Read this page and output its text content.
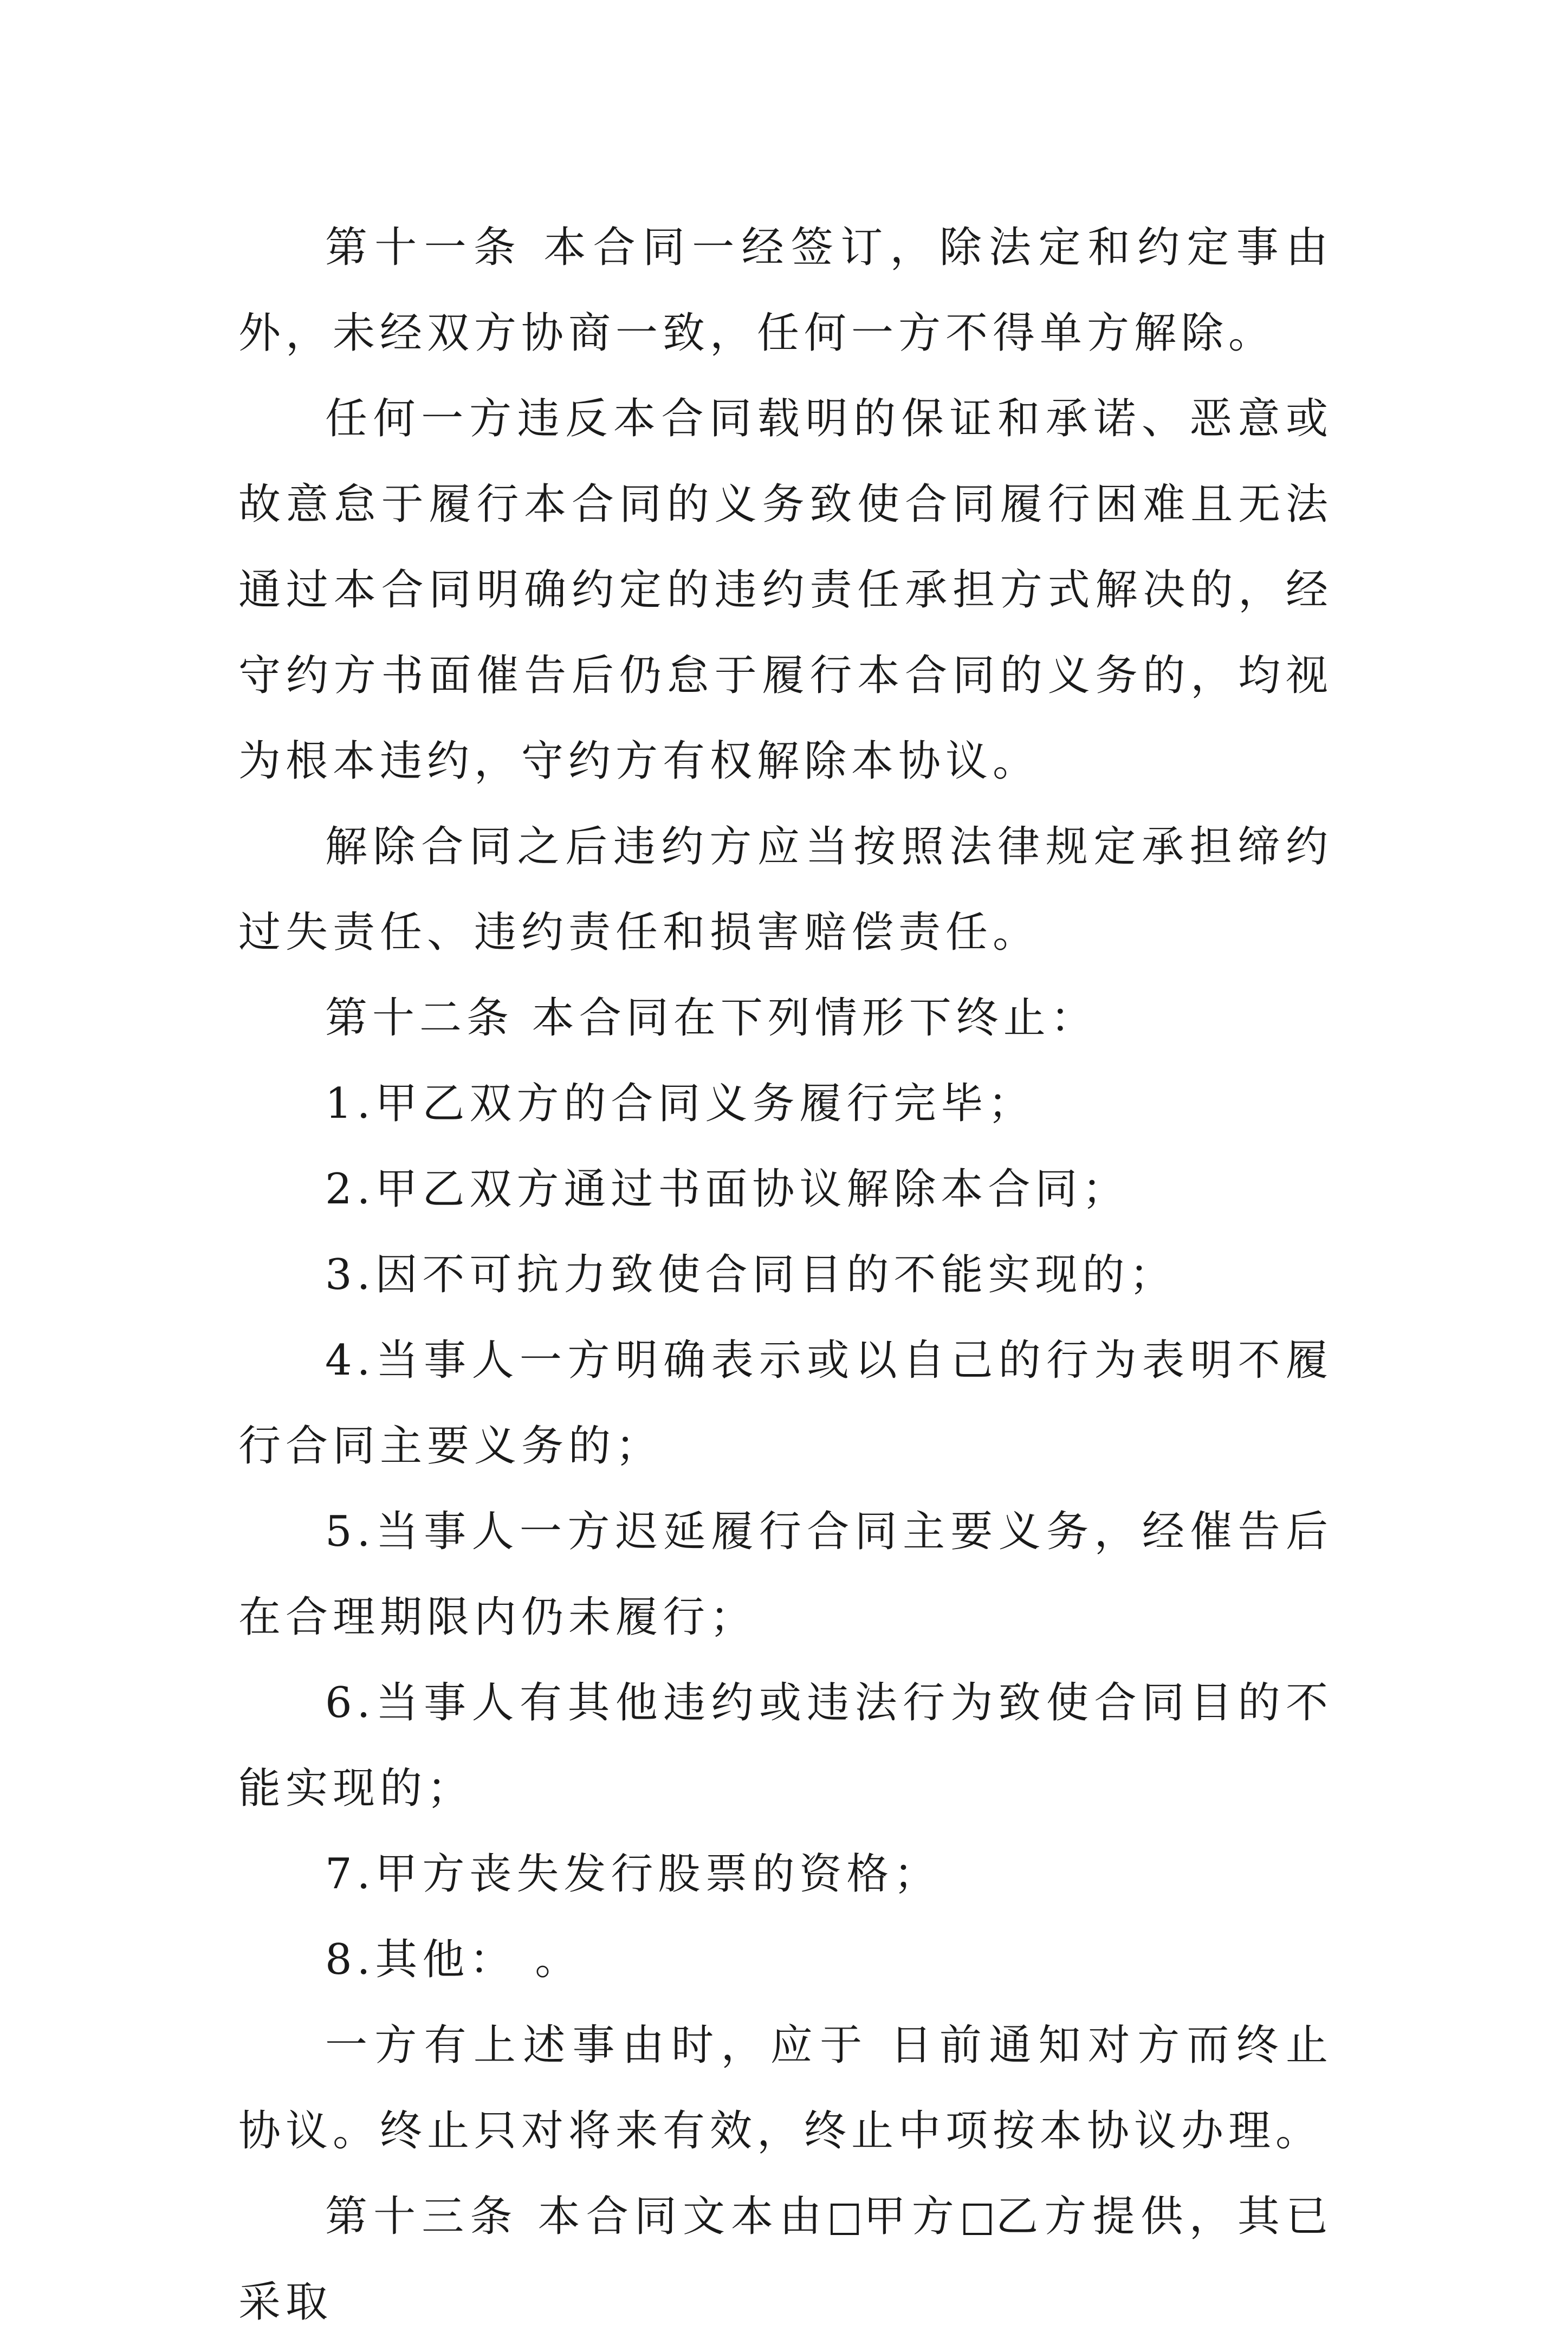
第十一条 本合同一经签订，除法定和约定事由外，未经双方协商一致，任何一方不得单方解除。

任何一方违反本合同载明的保证和承诺、恶意或故意怠于履行本合同的义务致使合同履行困难且无法通过本合同明确约定的违约责任承担方式解决的，经守约方书面催告后仍怠于履行本合同的义务的，均视为根本违约，守约方有权解除本协议。

解除合同之后违约方应当按照法律规定承担缔约过失责任、违约责任和损害赔偿责任。

第十二条 本合同在下列情形下终止：

1.甲乙双方的合同义务履行完毕；

2.甲乙双方通过书面协议解除本合同；

3.因不可抗力致使合同目的不能实现的；

4.当事人一方明确表示或以自己的行为表明不履行合同主要义务的；

5.当事人一方迟延履行合同主要义务，经催告后在合理期限内仍未履行；

6.当事人有其他违约或违法行为致使合同目的不能实现的；

7.甲方丧失发行股票的资格；

8.其他： 。

一方有上述事由时，应于 日前通知对方而终止协议。终止只对将来有效，终止中项按本协议办理。

第十三条 本合同文本由 甲方 乙方提供，其已采取
